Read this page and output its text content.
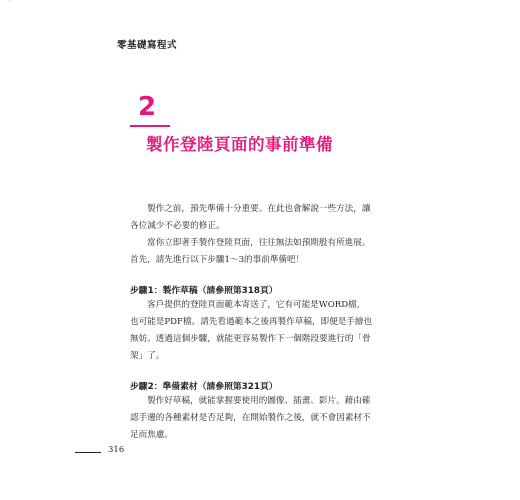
`
零基礎寫程式
2
製作登陸頁面的事前準備
製作之前，預先準備十分重要。在此也會解說一些方法，讓
各位減少不必要的修正。
當你立即著手製作登陸頁面，往往無法如預期般有所進展。
首先，請先進行以下步驟1～3的事前準備吧！
步驟1：製作草稿（請參照第318頁）
客戶提供的登陸頁面範本寄送了，它有可能是WORD檔，
也可能是PDF檔。請先看過範本之後再製作草稿，即便是手繪也
無妨。透過這個步驟，就能更容易製作下一個階段要進行的「骨
架」了。
步驟2：準備素材（請參照第321頁）
製作好草稿，就能掌握要使用的圖像、插畫、影片。藉由確
認手邊的各種素材是否足夠，在開始製作之後，就不會因素材不
足而焦慮。
316
